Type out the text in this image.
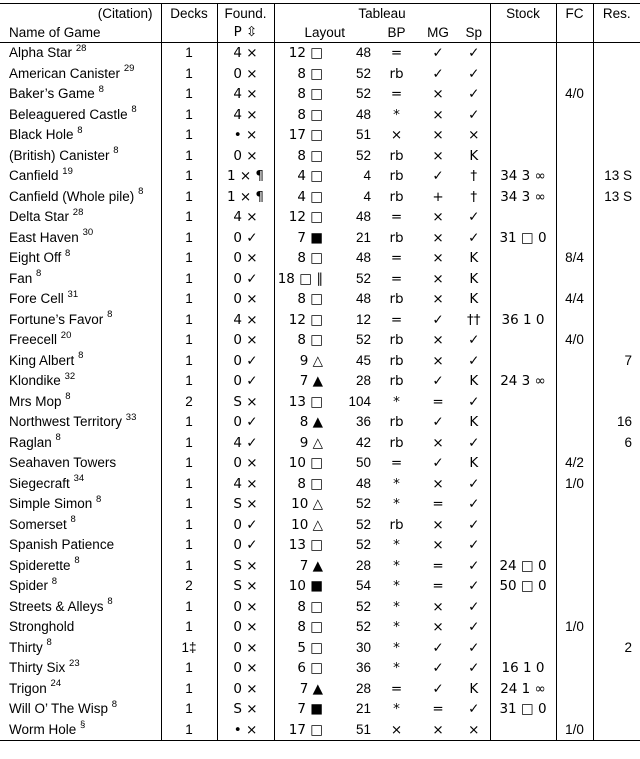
(Citation)	Decks	Found.	Tableau					Stock	FC	Res.
Name of Game		P ⇳	Layout		BP	MG	Sp			
Alpha Star $^{28}$	1	4 ×	12 □	48	=	✓	✓			
American Canister $^{29}$	1	0 ×	8 □	52	rb	✓	✓			
Baker’s Game $^8$	1	4 ×	8 □	52	=	×	✓		4/0	
Beleaguered Castle $^8$	1	4 ×	8 □	48	*	×	✓			
Black Hole $^8$	1	• ×	17 □	51	×	×	×			
(British) Canister $^8$	1	0 ×	8 □	52	rb	×	K			
Canfield $^{19}$	1	1 × ¶	4 □	4	rb	✓	†	34 3 ∞		13 S
Canfield (Whole pile) $^8$	1	1 × ¶	4 □	4	rb	+	†	34 3 ∞		13 S
Delta Star $^{28}$	1	4 ×	12 □	48	=	×	✓			
East Haven $^{30}$	1	0 ✓	7 ■	21	rb	×	✓	31 □ 0		
Eight Off $^8$	1	0 ×	8 □	48	=	×	K		8/4	
Fan $^8$	1	0 ✓	18 □ ∥	52	=	×	K			
Fore Cell $^{31}$	1	0 ×	8 □	48	rb	×	K		4/4	
Fortune’s Favor $^8$	1	4 ×	12 □	12	=	✓	††	36 1 0		
Freecell $^{20}$	1	0 ×	8 □	52	rb	×	✓		4/0	
King Albert $^8$	1	0 ✓	9 △	45	rb	×	✓			7
Klondike $^{32}$	1	0 ✓	7 ▲	28	rb	✓	K	24 3 ∞		
Mrs Mop $^8$	2	S ×	13 □	104	*	=	✓			
Northwest Territory $^{33}$	1	0 ✓	8 ▲	36	rb	✓	K			16
Raglan $^8$	1	4 ✓	9 △	42	rb	×	✓			6
Seahaven Towers	1	0 ×	10 □	50	=	✓	K		4/2	
Siegecraft $^{34}$	1	4 ×	8 □	48	*	×	✓		1/0	
Simple Simon $^8$	1	S ×	10 △	52	*	=	✓			
Somerset $^8$	1	0 ✓	10 △	52	rb	×	✓			
Spanish Patience	1	0 ✓	13 □	52	*	×	✓			
Spiderette $^8$	1	S ×	7 ▲	28	*	=	✓	24 □ 0		
Spider $^8$	2	S ×	10 ■	54	*	=	✓	50 □ 0		
Streets & Alleys $^8$	1	0 ×	8 □	52	*	×	✓			
Stronghold	1	0 ×	8 □	52	*	×	✓		1/0	
Thirty $^8$	1‡	0 ×	5 □	30	*	✓	✓			2
Thirty Six $^{23}$	1	0 ×	6 □	36	*	✓	✓	16 1 0		
Trigon $^{24}$	1	0 ×	7 ▲	28	=	✓	K	24 1 ∞		
Will O’ The Wisp $^8$	1	S ×	7 ■	21	*	=	✓	31 □ 0		
Worm Hole §	1	• ×	17 □	51	×	×	×		1/0	
